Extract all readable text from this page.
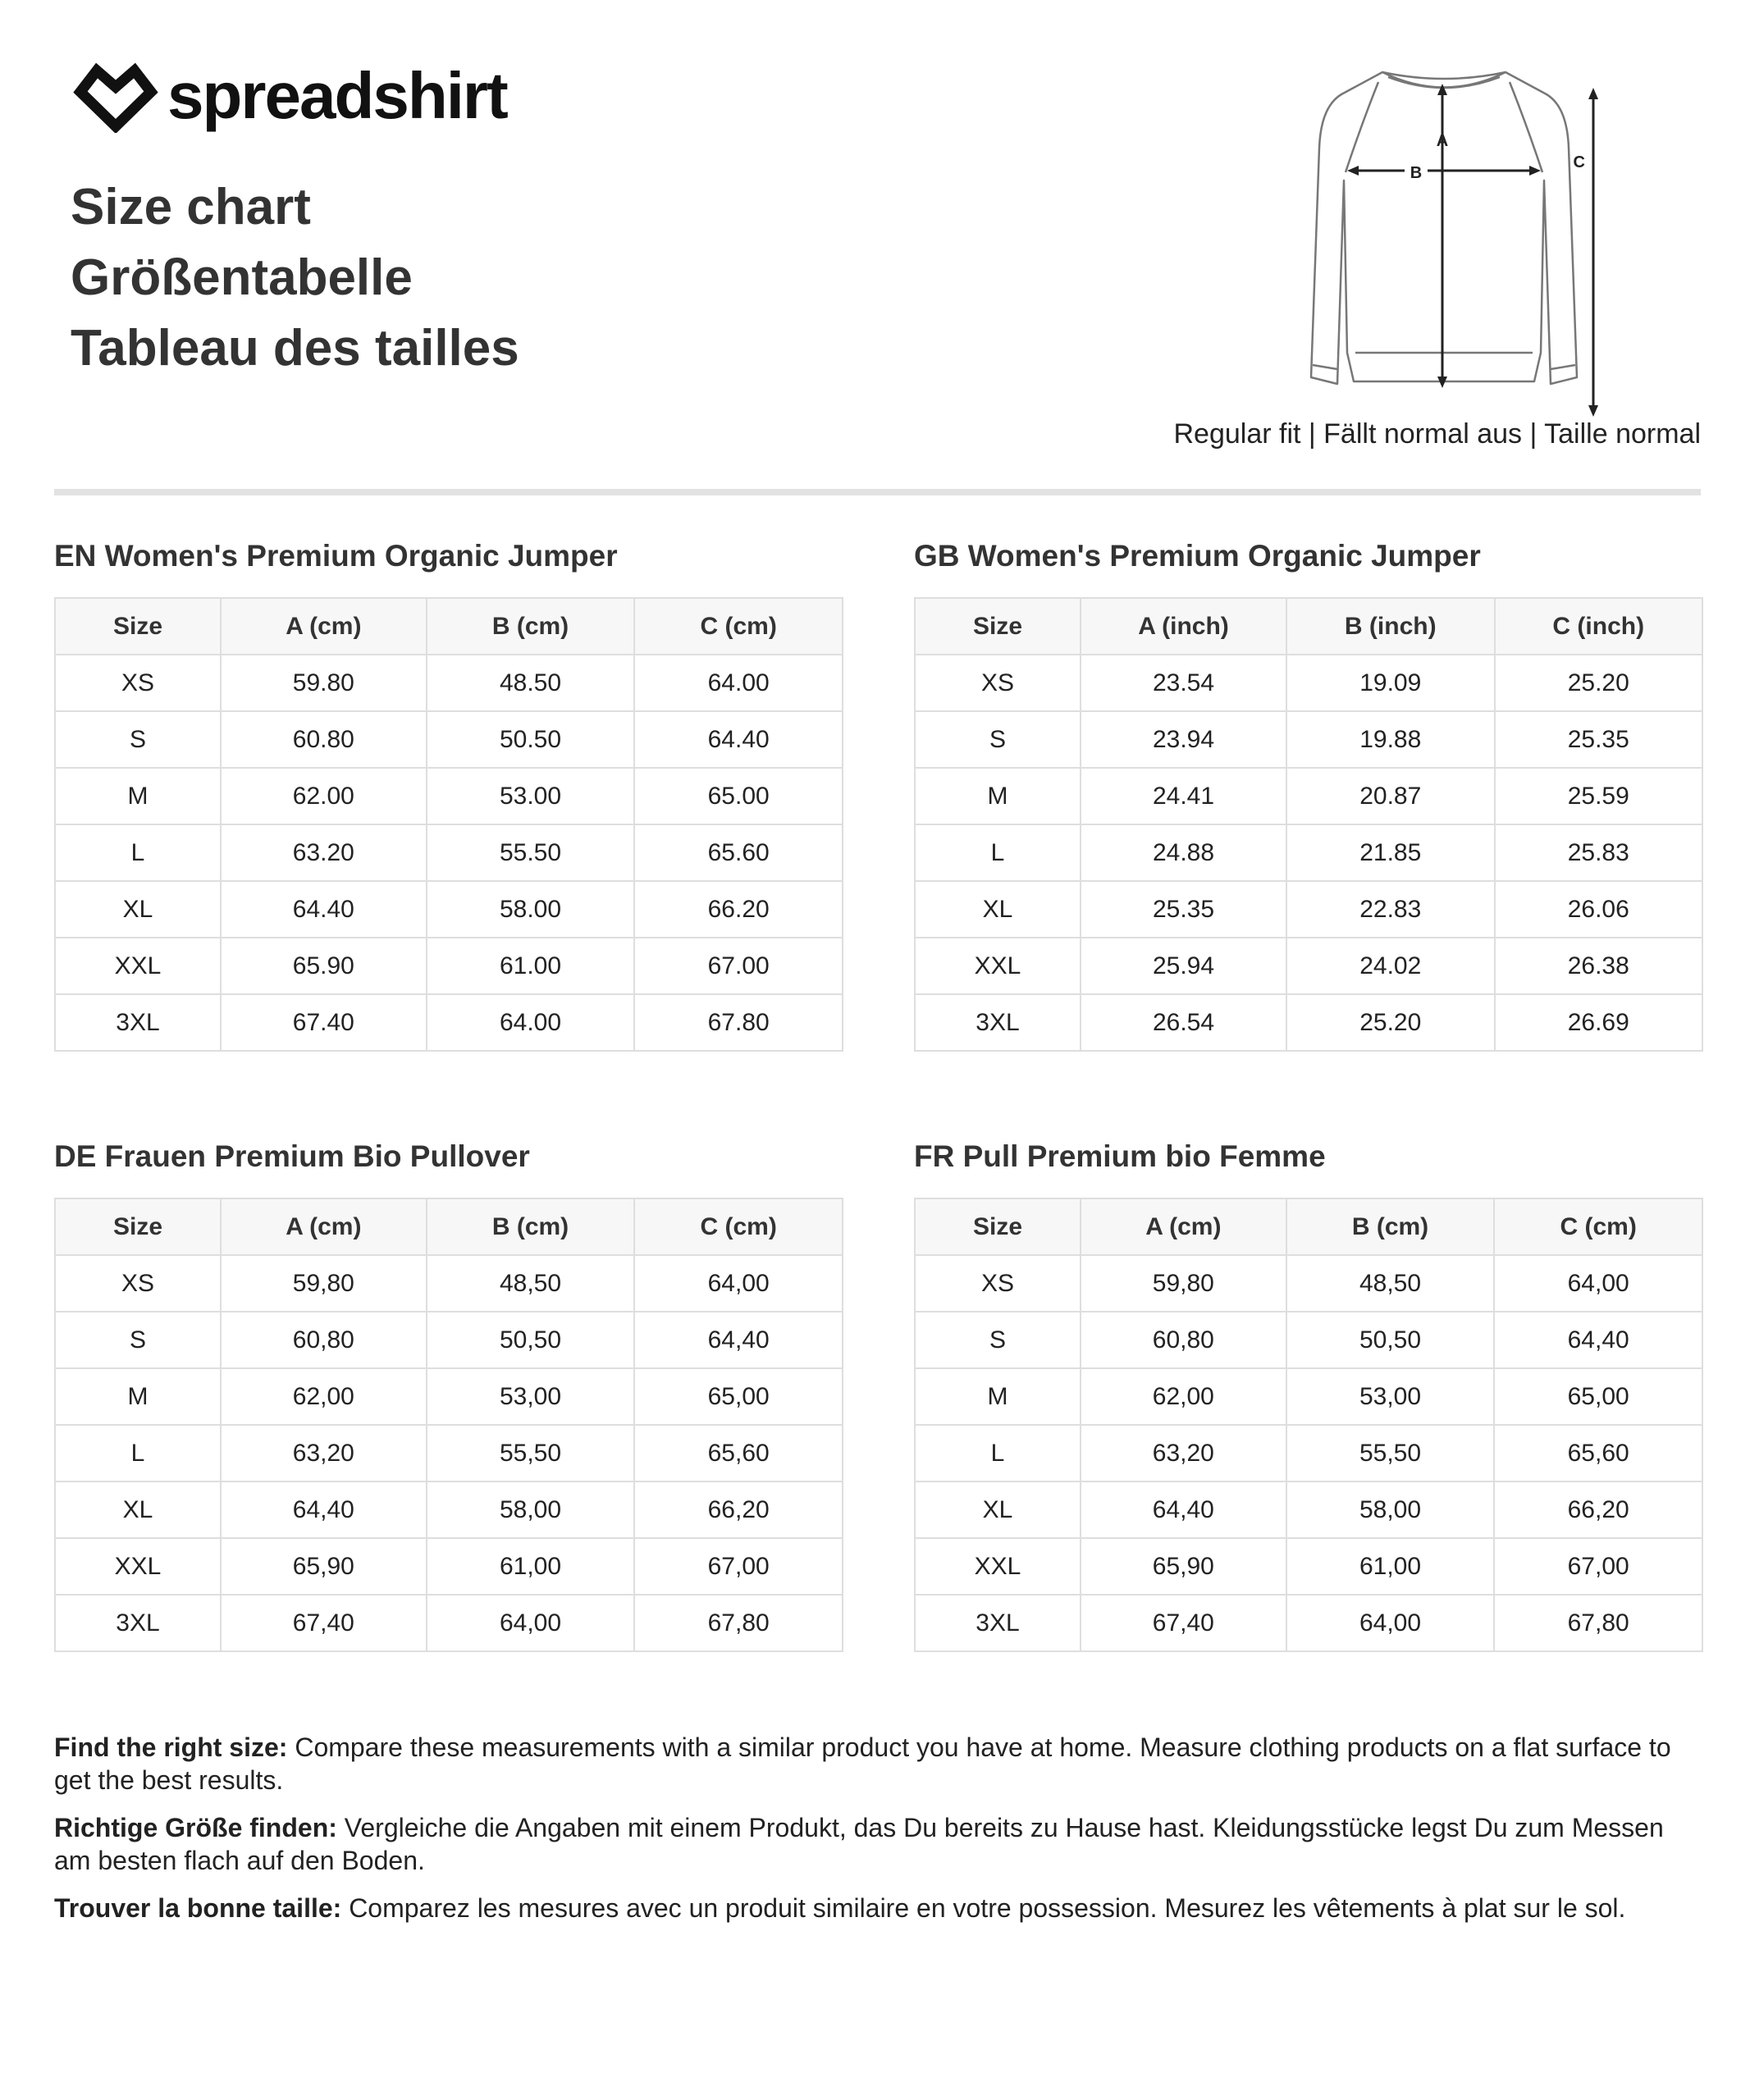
spreadshirt
Size chart
Größentabelle
Tableau des tailles
B
A
C
Regular fit | Fällt normal aus | Taille normal
EN Women's Premium Organic Jumper
Size	A (cm)	B (cm)	C (cm)
XS	59.80	48.50	64.00
S	60.80	50.50	64.40
M	62.00	53.00	65.00
L	63.20	55.50	65.60
XL	64.40	58.00	66.20
XXL	65.90	61.00	67.00
3XL	67.40	64.00	67.80
GB Women's Premium Organic Jumper
Size	A (inch)	B (inch)	C (inch)
XS	23.54	19.09	25.20
S	23.94	19.88	25.35
M	24.41	20.87	25.59
L	24.88	21.85	25.83
XL	25.35	22.83	26.06
XXL	25.94	24.02	26.38
3XL	26.54	25.20	26.69
DE Frauen Premium Bio Pullover
Size	A (cm)	B (cm)	C (cm)
XS	59,80	48,50	64,00
S	60,80	50,50	64,40
M	62,00	53,00	65,00
L	63,20	55,50	65,60
XL	64,40	58,00	66,20
XXL	65,90	61,00	67,00
3XL	67,40	64,00	67,80
FR Pull Premium bio Femme
Size	A (cm)	B (cm)	C (cm)
XS	59,80	48,50	64,00
S	60,80	50,50	64,40
M	62,00	53,00	65,00
L	63,20	55,50	65,60
XL	64,40	58,00	66,20
XXL	65,90	61,00	67,00
3XL	67,40	64,00	67,80

Find the right size: Compare these measurements with a similar product you have at home. Measure clothing products on a flat surface to get the best results.

Richtige Größe finden: Vergleiche die Angaben mit einem Produkt, das Du bereits zu Hause hast. Kleidungsstücke legst Du zum Messen am besten flach auf den Boden.

Trouver la bonne taille: Comparez les mesures avec un produit similaire en votre possession. Mesurez les vêtements à plat sur le sol.
